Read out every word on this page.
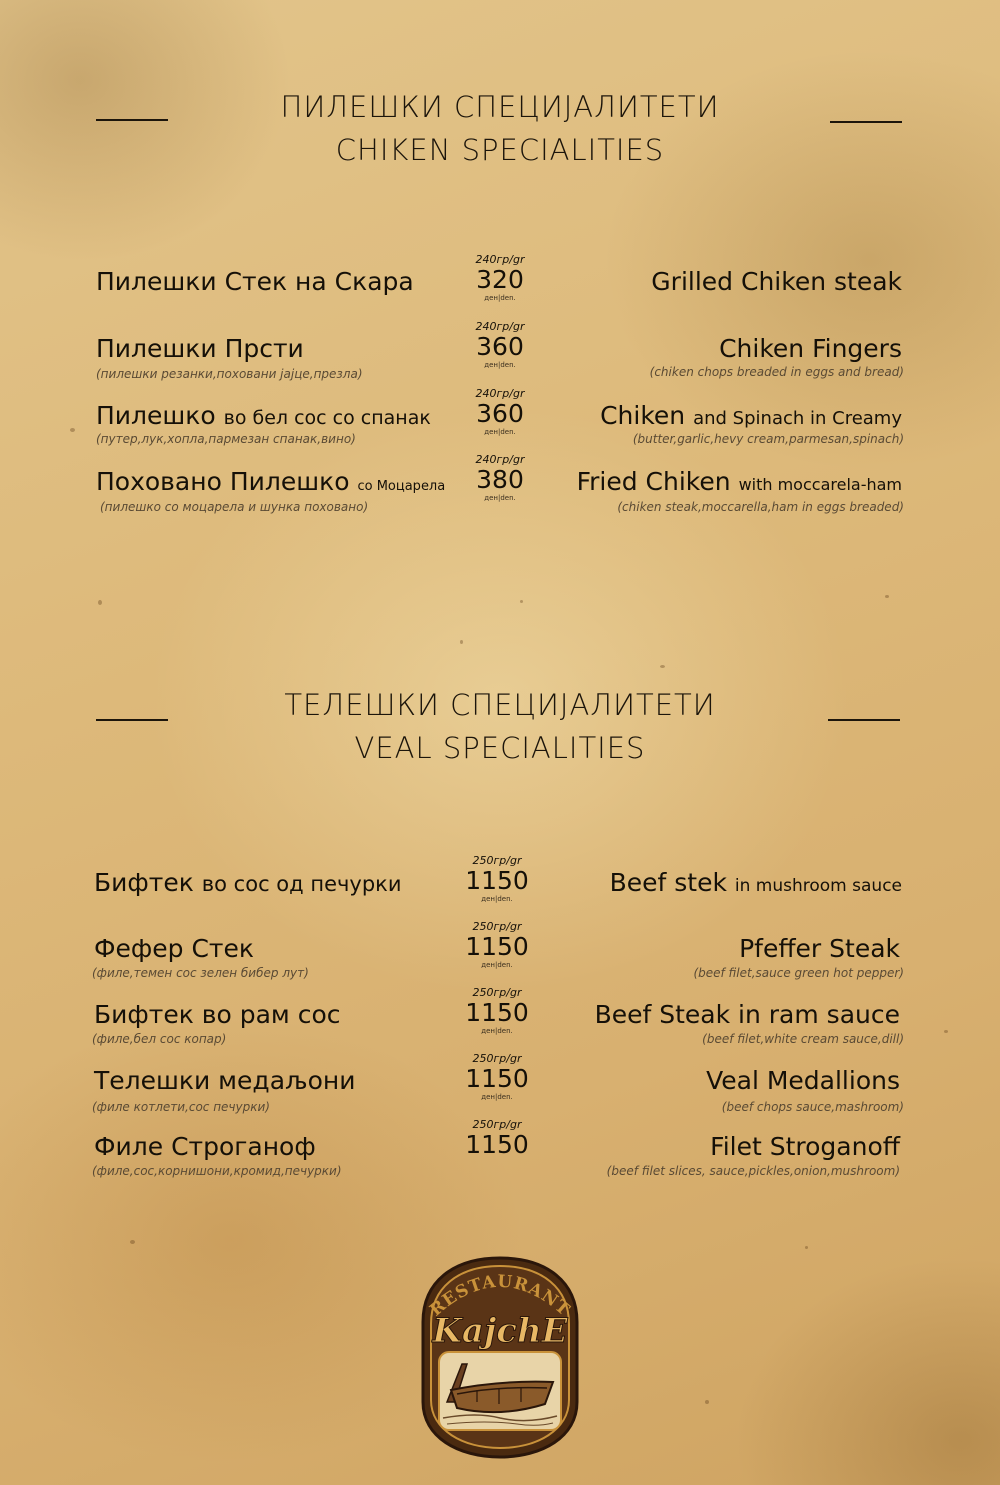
ПИЛЕШКИ СПЕЦИЈАЛИТЕТИ
CHIKEN SPECIALITIES
Пилешки Стек на Скара
240гр/gr
320
ден|den.
Grilled Chiken steak
Пилешки Прсти
(пилешки резанки,поховани јајце,презла)
240гр/gr
360
ден|den.
Chiken Fingers
(chiken chops breaded in eggs and bread)
Пилешко во бел сос со спанак
(путер,лук,хопла,пармезан спанак,вино)
240гр/gr
360
ден|den.
Chiken and Spinach in Creamy
(butter,garlic,hevy cream,parmesan,spinach)
Поховано Пилешко со Моцарела
(пилешко со моцарела и шунка поховано)
240гр/gr
380
ден|den.
Fried Chiken with moccarela-ham
(chiken steak,moccarella,ham in eggs breaded)
ТЕЛЕШКИ СПЕЦИЈАЛИТЕТИ
VEAL SPECIALITIES
Бифтек во сос од печурки
250гр/gr
1150
ден|den.
Beef stek in mushroom sauce
Фефер Стек
(филе,темен сос зелен бибер лут)
250гр/gr
1150
ден|den.
Pfeffer Steak
(beef filet,sauce green hot pepper)
Бифтек во рам сос
(филе,бел сос копар)
250гр/gr
1150
ден|den.
Beef Steak in ram sauce
(beef filet,white cream sauce,dill)
Телешки медаљони
(филе котлети,сос печурки)
250гр/gr
1150
ден|den.
Veal Medallions
(beef chops sauce,mashroom)
Филе Строганоф
(филе,сос,корнишони,кромид,печурки)
250гр/gr
1150	Filet Stroganoff
(beef filet slices, sauce,pickles,onion,mushroom)
RESTAURANT
KajchE
